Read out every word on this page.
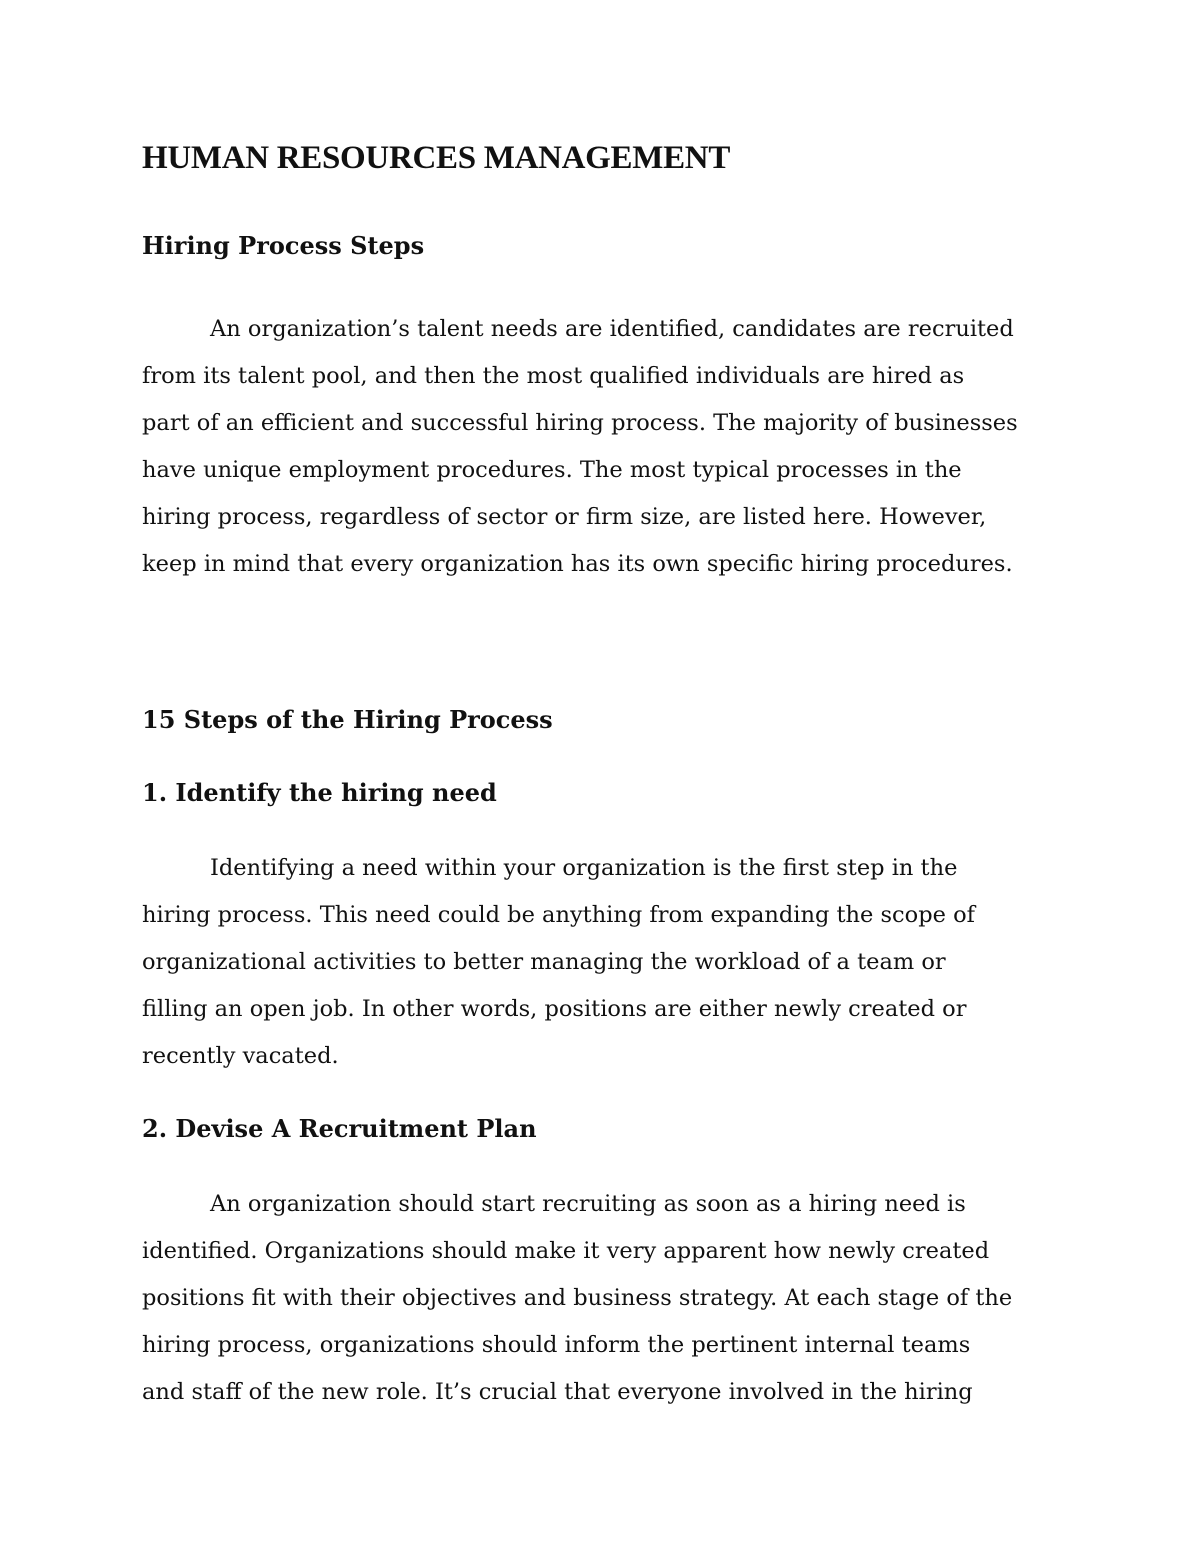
HUMAN RESOURCES MANAGEMENT
Hiring Process Steps
An organization’s talent needs are identified, candidates are recruited
from its talent pool, and then the most qualified individuals are hired as
part of an efficient and successful hiring process. The majority of businesses
have unique employment procedures. The most typical processes in the
hiring process, regardless of sector or firm size, are listed here. However,
keep in mind that every organization has its own specific hiring procedures.
15 Steps of the Hiring Process
1. Identify the hiring need
Identifying a need within your organization is the first step in the
hiring process. This need could be anything from expanding the scope of
organizational activities to better managing the workload of a team or
filling an open job. In other words, positions are either newly created or
recently vacated.
2. Devise A Recruitment Plan
An organization should start recruiting as soon as a hiring need is
identified. Organizations should make it very apparent how newly created
positions fit with their objectives and business strategy. At each stage of the
hiring process, organizations should inform the pertinent internal teams
and staff of the new role. It’s crucial that everyone involved in the hiring
